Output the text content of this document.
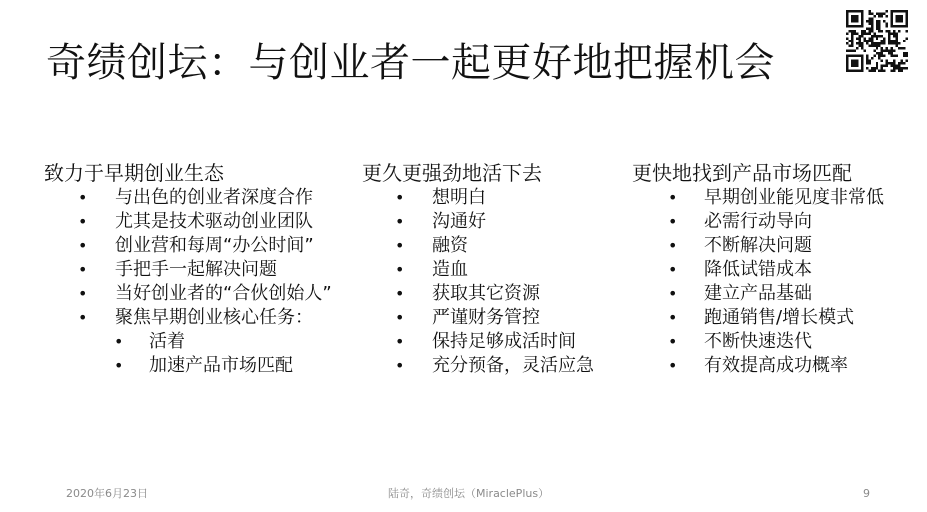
奇绩创坛：与创业者一起更好地把握机会
致力于早期创业生态
• 与出色的创业者深度合作
• 尤其是技术驱动创业团队
• 创业营和每周“办公时间”
• 手把手一起解决问题
• 当好创业者的“合伙创始人”
• 聚焦早期创业核心任务：
• 活着
• 加速产品市场匹配
更久更强劲地活下去
• 想明白
• 沟通好
• 融资
• 造血
• 获取其它资源
• 严谨财务管控
• 保持足够成活时间
• 充分预备，灵活应急
更快地找到产品市场匹配
• 早期创业能见度非常低
• 必需行动导向
• 不断解决问题
• 降低试错成本
• 建立产品基础
• 跑通销售/增长模式
• 不断快速迭代
• 有效提高成功概率
2020年6月23日	陆奇，奇绩创坛（MiraclePlus）	9
